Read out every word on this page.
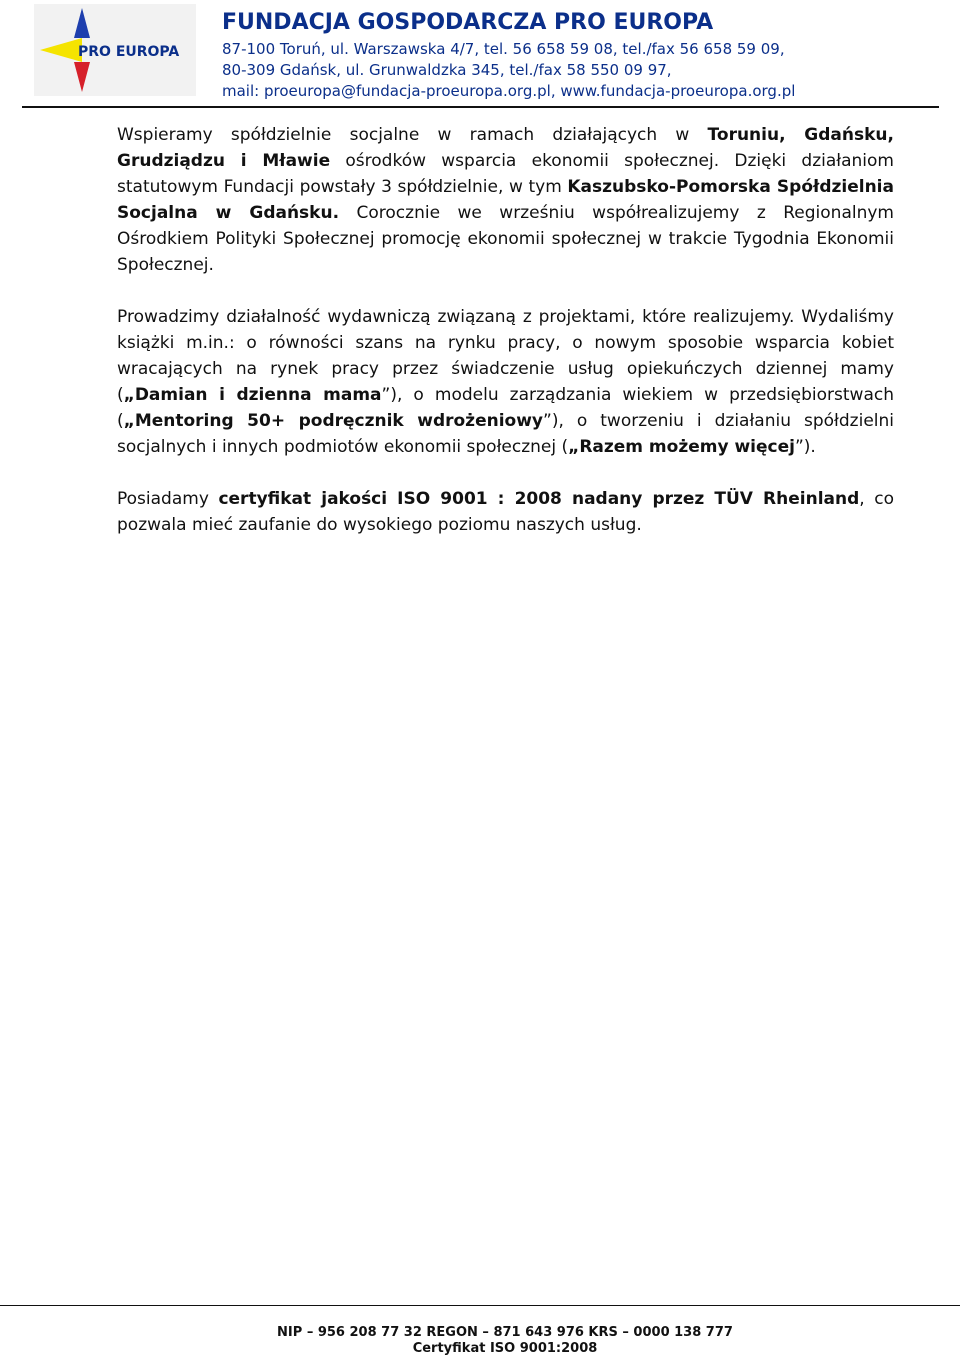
PRO EUROPA
FUNDACJA GOSPODARCZA PRO EUROPA
87-100 Toruń, ul. Warszawska 4/7, tel. 56 658 59 08, tel./fax 56 658 59 09,
80-309 Gdańsk, ul. Grunwaldzka 345, tel./fax 58 550 09 97,
mail: proeuropa@fundacja-proeuropa.org.pl, www.fundacja-proeuropa.org.pl

Wspieramy spółdzielnie socjalne w ramach działających w Toruniu, Gdańsku, Grudziądzu i Mławie ośrodków wsparcia ekonomii społecznej. Dzięki działaniom statutowym Fundacji powstały 3 spółdzielnie, w tym Kaszubsko-Pomorska Spółdzielnia Socjalna w Gdańsku. Corocznie we wrześniu współrealizujemy z Regionalnym Ośrodkiem Polityki Społecznej promocję ekonomii społecznej w trakcie Tygodnia Ekonomii Społecznej.

Prowadzimy działalność wydawniczą związaną z projektami, które realizujemy. Wydaliśmy książki m.in.: o równości szans na rynku pracy, o nowym sposobie wsparcia kobiet wracających na rynek pracy przez świadczenie usług opiekuńczych dziennej mamy („Damian i dzienna mama”), o modelu zarządzania wiekiem w przedsiębiorstwach („Mentoring 50+ podręcznik wdrożeniowy”), o tworzeniu i działaniu spółdzielni socjalnych i innych podmiotów ekonomii społecznej („Razem możemy więcej”).

Posiadamy certyfikat jakości ISO 9001 : 2008 nadany przez TÜV Rheinland, co pozwala mieć zaufanie do wysokiego poziomu naszych usług.

NIP – 956 208 77 32 REGON – 871 643 976 KRS – 0000 138 777
Certyfikat ISO 9001:2008
